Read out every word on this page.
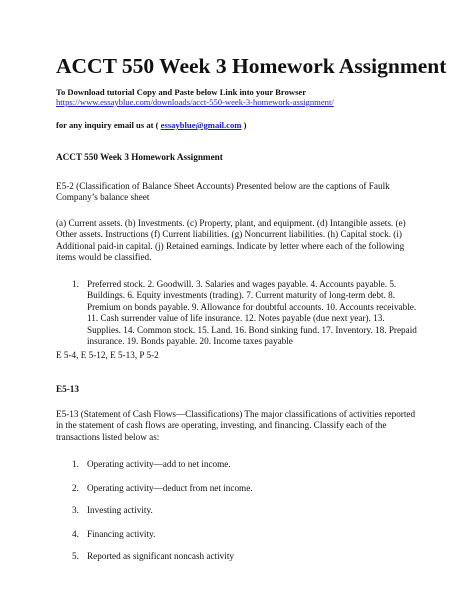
ACCT 550 Week 3 Homework Assignment
To Download tutorial Copy and Paste below Link into your Browser
https://www.essayblue.com/downloads/acct-550-week-3-homework-assignment/
for any inquiry email us at ( essayblue@gmail.com )
ACCT 550 Week 3 Homework Assignment
E5-2 (Classification of Balance Sheet Accounts) Presented below are the captions of Faulk Company’s balance sheet
(a) Current assets. (b) Investments. (c) Property, plant, and equipment. (d) Intangible assets. (e) Other assets. Instructions (f) Current liabilities. (g) Noncurrent liabilities. (h) Capital stock. (i) Additional paid-in capital. (j) Retained earnings. Indicate by letter where each of the following items would be classified.
1. Preferred stock. 2. Goodwill. 3. Salaries and wages payable. 4. Accounts payable. 5. Buildings. 6. Equity investments (trading). 7. Current maturity of long-term debt. 8. Premium on bonds payable. 9. Allowance for doubtful accounts. 10. Accounts receivable. 11. Cash surrender value of life insurance. 12. Notes payable (due next year). 13. Supplies. 14. Common stock. 15. Land. 16. Bond sinking fund. 17. Inventory. 18. Prepaid insurance. 19. Bonds payable. 20. Income taxes payable
E 5-4, E 5-12, E 5-13, P 5-2
E5-13
E5-13 (Statement of Cash Flows—Classifications) The major classifications of activities reported in the statement of cash flows are operating, investing, and financing. Classify each of the transactions listed below as:
1. Operating activity—add to net income.
2. Operating activity—deduct from net income.
3. Investing activity.
4. Financing activity.
5. Reported as significant noncash activity
